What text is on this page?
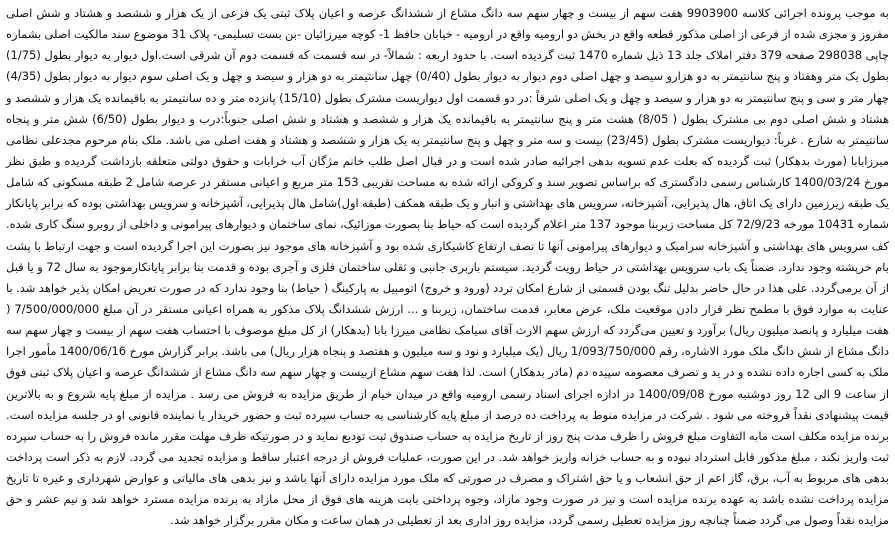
به موجب پرونده اجرائی کلاسه 9903900 هفت سهم از بیست و چهار سهم سه دانگ مشاع از ششدانگ عرصه و اعیان پلاک ثبتی یک فرعی از یک هزار و ششصد و هشتاد و شش اصلی مفروز و مجزی شده از فرعی از اصلی مذکور قطعه واقع در بخش دو ارومیه واقع در ارومیه - خیابان حافظ 1- کوچه میرزائیان -بن بست تسلیمی- پلاک 31 موضوع سند مالکیت اصلی بشماره چاپی 298038 صفحه 379 دفتر املاک جلد 13 ذیل شماره 1470 ثبت گردیده است. با حدود اربعه : شمالاً- در سه قسمت که قسمت دوم آن شرقی است.اول دیوار به دیوار بطول (1/75) بطول یک متر وهفتاد و پنج سانتیمتر به دو هزارو سیصد و چهل اصلی دوم دیوار به دیوار بطول (0/40) چهل سانتیمتر به دو هزار و سیصد و چهل و یک اصلی سوم دیوار به دیوار بطول (4/35) چهار متر و سی و پنج سانتیمتر به دو هزار و سیصد و چهل و یک اصلی شرقاً :در دو قسمت اول دیواریست مشترک بطول (15/10) پانزده متر و ده سانتیمتر به باقیمانده یک هزار و ششصد و هشتاد و شش اصلی دوم بی مشترک بطول ( 8/05) هشت متر و پنج سانتیمتر به باقیمانده یک هزار و ششصد و هشتاد و شش اصلی جنوباً:درب و دیوار بطول (6/50) شش متر و پنجاه سانتیمتر به شارع . غرباً: دیواریست مشترک بطول (23/45) بیست و سه متر و چهل و پنج سانتیمتر به یک هزار و ششصد و هشتاد و هفت اصلی می باشد. ملک بنام مرحوم مجدعلی نظامی میرزابابا (مورث بدهکار) ثبت گردیده که بعلت عدم تسویه بدهی اجرائیه صادر شده است و در قبال اصل طلب خانم مژگان آب خرابات و حقوق دولتی متعلقه بازداشت گردیده و طبق نظر مورخ 1400/03/24 کارشناس رسمی دادگستری که براساس تصویر سند و کروکی ارائه شده به مساحت تقریبی 153 متر مربع و اعیانی مستقر در عرصه شامل 2 طبقه مسکونی که شامل یک طبقه زیرزمین دارای یک اتاق، هال پذیرایی، آشپزخانه، سرویس های بهداشتی و انبار و یک طبقه همکف (طبقه اول)شامل هال پذیرایی، آشپزخانه و سرویس بهداشتی بوده که برابر پایانکار شماره 10431 مورخه 72/9/23 کل مساحت زیربنا موجود 137 متر اعلام گردیده است که حیاط بنا بصورت موزائیک، نمای ساختمان و دیوارهای پیرامونی و داخلی از روبرو سنگ کاری شده. کف سرویس های بهداشتی و آشپزخانه سرامیک و دیوارهای پیرامونی آنها تا نصف ارتفاع کاشیکاری شده بود و آشپزخانه های موجود نیز بصورت این اجرا گردیده است و جهت ارتباط با پشت بام خرپشته وجود ندارد. ضمناً یک باب سرویس بهداشتی در حیاط رویت گردید. سیستم باربری جانبی و ثقلی ساختمان فلزی و آجری بوده و قدمت بنا برابر پایانکارموجود به سال 72 و یا قبل از آن برمی‌گردد. علی هذا در حال حاضر بدلیل تنگ بودن قسمتی از شارع امکان تردد (ورود و خروج) اتومبیل به پارکینگ ( حیاط) بنا وجود ندارد که در صورت تعریض امکان پذیر خواهد شد. با عنایت به موارد فوق با مطمح نظر قرار دادن موقعیت ملک، عرض معابر، قدمت ساختمان، زیربنا و ... ارزش ششدانگ پلاک مذکور به همراه اعیانی مستقر در آن مبلغ 7/500/000/000 ( هفت میلیارد و پانصد میلیون ریال) برآورد و تعیین می‌گردد که ارزش سهم الارث آقای سیامک نظامی میرزا بابا (بدهکار) از کل مبلغ موصوف با احتساب هفت سهم از بیست و چهار سهم سه دانگ مشاع از شش دانگ ملک مورد الاشاره، رقم 1/093/750/000 ریال (یک میلیارد و نود و سه میلیون و هفتصد و پنجاه هزار ریال) می باشد. برابر گزارش مورخ 1400/06/16 مأمور اجرا ملک به کسی اجاره داده نشده و در ید و تصرف معصومه سپیده دم (مادر بدهکار) است. لذا هفت سهم مشاع ازبیست و چهار سهم سه دانگ مشاع از ششدانگ عرصه و اعیان پلاک ثبتی فوق از ساعت 9 الی 12 روز دوشنبه مورخ 1400/09/08 در اداره اجرای اسناد رسمی ارومیه واقع در میدان خیام از طریق مزایده به فروش می رسد . مزایده از مبلغ پایه شروع و به بالاترین قیمت پیشنهادی نقداً فروخته می شود . شرکت در مزایده منوط به پرداخت ده درصد از مبلغ پایه کارشناسی به حساب سپرده ثبت و حضور خریدار یا نماینده قانونی او در جلسه مزایده است. برنده مزایده مکلف است مابه التفاوت مبلغ فروش را ظرف مدت پنج روز از تاریخ مزایده به حساب صندوق ثبت تودیع نماید و در صورتیکه ظرف مهلت مقرر مانده فروش را به حساب سپرده ثبت واریز نکند ، مبلغ مذکور قابل استرداد نبوده و به حساب خزانه واریز خواهد شد. در این صورت، عملیات فروش از درجه اعتبار ساقط و مزایده تجدید می گردد. لازم به ذکر است پرداخت بدهی های مربوط به آب، برق، گاز اعم از حق انشعاب و یا حق اشتراک و مصرف در صورتی که ملک مورد مزایده دارای آنها باشد و نیز بدهی های مالیاتی و عوارض شهرداری و غیره تا تاریخ مزایده پرداخت نشده باشد به عهده برنده مزایده است و نیز در صورت وجود مازاد، وجوه پرداختی بابت هزینه های فوق از محل مازاد به برنده مزایده مسترد خواهد شد و نیم عشر و حق مزایده نقداً وصول می گردد ضمناً چنانچه روز مزایده تعطیل رسمی گردد، مزایده روز اداری بعد از تعطیلی در همان ساعت و مکان مقرر برگزار خواهد شد.
